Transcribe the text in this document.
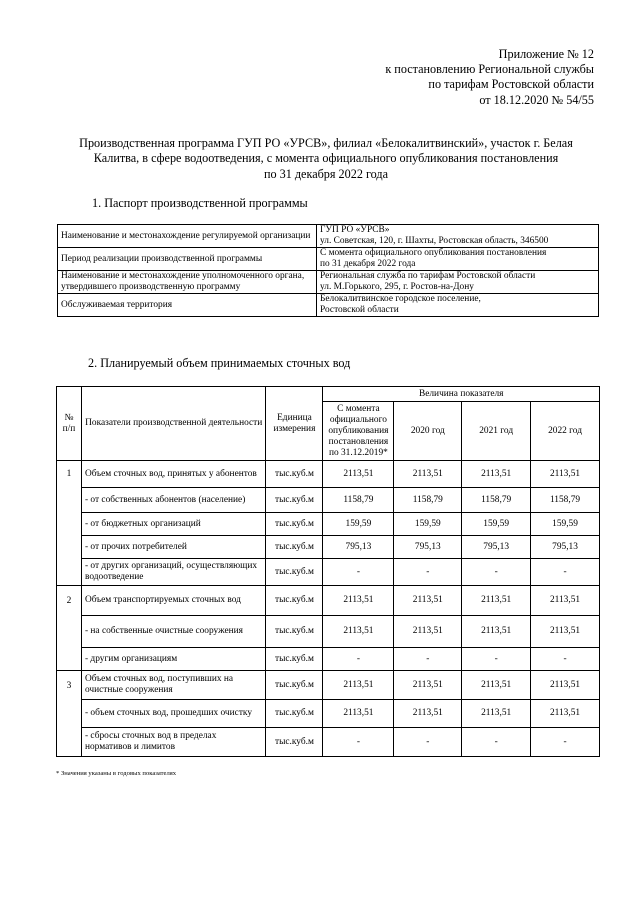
Приложение № 12
к постановлению Региональной службы
по тарифам Ростовской области
от 18.12.2020 № 54/55
Производственная программа ГУП РО «УРСВ», филиал «Белокалитвинский», участок г. Белая
Калитва, в сфере водоотведения, с момента официального опубликования постановления
по 31 декабря 2022 года
1. Паспорт производственной программы
Наименование и местонахождение регулируемой организации	ГУП РО «УРСВ»
ул. Советская, 120, г. Шахты, Ростовская область, 346500

Период реализации производственной программы	С момента официального опубликования постановления
по 31 декабря 2022 года

Наименование и местонахождение уполномоченного органа, утвердившего производственную программу	Региональная служба по тарифам Ростовской области
ул. М.Горького, 295, г. Ростов-на-Дону

Обслуживаемая территория	Белокалитвинское городское поселение,
Ростовской области
2. Планируемый объем принимаемых сточных вод
№ п/п	Показатели производственной деятельности	Единица измерения	Величина показателя			
			С момента официального опубликования постановления по 31.12.2019*	2020 год	2021 год	2022 год
1	Объем сточных вод, принятых у абонентов	тыс.куб.м	2113,51	2113,51	2113,51	2113,51
	- от собственных абонентов (население)	тыс.куб.м	1158,79	1158,79	1158,79	1158,79
	- от бюджетных организаций	тыс.куб.м	159,59	159,59	159,59	159,59
	- от прочих потребителей	тыс.куб.м	795,13	795,13	795,13	795,13
	- от других организаций, осуществляющих водоотведение	тыс.куб.м	-	-	-	-
2	Объем транспортируемых сточных вод	тыс.куб.м	2113,51	2113,51	2113,51	2113,51
	- на собственные очистные сооружения	тыс.куб.м	2113,51	2113,51	2113,51	2113,51
	- другим организациям	тыс.куб.м	-	-	-	-
3	Объем сточных вод, поступивших на очистные сооружения	тыс.куб.м	2113,51	2113,51	2113,51	2113,51
	- объем сточных вод, прошедших очистку	тыс.куб.м	2113,51	2113,51	2113,51	2113,51
	- сбросы сточных вод в пределах нормативов и лимитов	тыс.куб.м	-	-	-	-
* Значения указаны в годовых показателях
